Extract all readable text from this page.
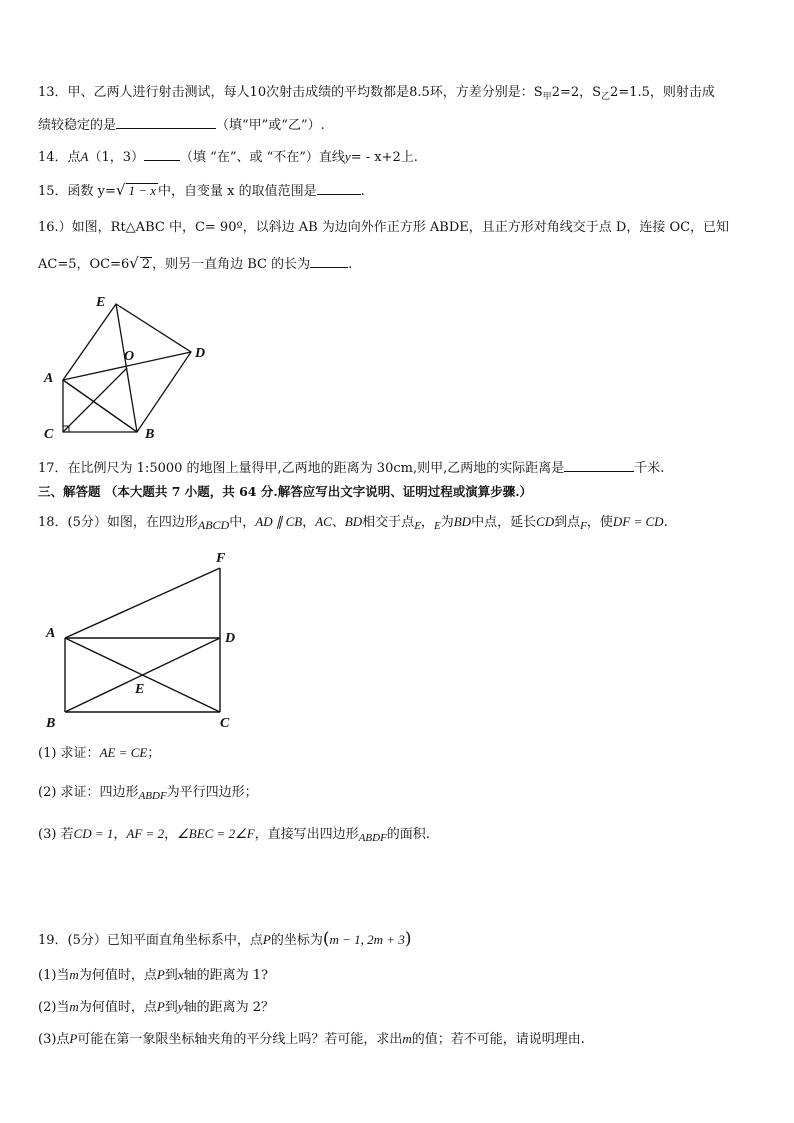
13．甲、乙两人进行射击测试，每人10次射击成绩的平均数都是8.5环，方差分别是：$S_甲2=2$，$S_乙2=1.5$，则射击成
绩较稳定的是	（填“甲”或“乙”）.
14．点A（1，3）	（填 “在”、或 “不在”）直线y= - x+2上.
15．函数 y=√ 1 − x 中，自变量 x 的取值范围是	.
16.）如图，Rt△ABC 中，C= 90º，以斜边 AB 为边向外作正方形 ABDE，且正方形对角线交于点 D，连接 OC，已知
AC=5，OC=6√ 2 ，则另一直角边 BC 的长为	.
E
O	D
A
C	B
17．在比例尺为 1:5000 的地图上量得甲,乙两地的距离为 30cm,则甲,乙两地的实际距离是	千米.
三、解答题 （本大题共 7 小题，共 64 分.解答应写出文字说明、证明过程或演算步骤.）
18．(5分）如图，在四边形ABCD中，AD ∥ CB，AC、BD相交于点$_E$，$_E$为BD中点，延长CD到点$_F$，使DF = CD.
F
A	D
E
B	C
(1) 求证：AE = CE；
(2) 求证：四边形$_{ABDF}$为平行四边形；
(3) 若CD = 1，AF = 2，∠BEC = 2∠F，直接写出四边形$_{ABDF}$的面积.
19．(5分）已知平面直角坐标系中，点P的坐标为(m − 1, 2m + 3)
(1)当m为何值时，点P到x轴的距离为 1?
(2)当m为何值时，点P到y轴的距离为 2？
(3)点P可能在第一象限坐标轴夹角的平分线上吗？若可能，求出m的值；若不可能，请说明理由.
